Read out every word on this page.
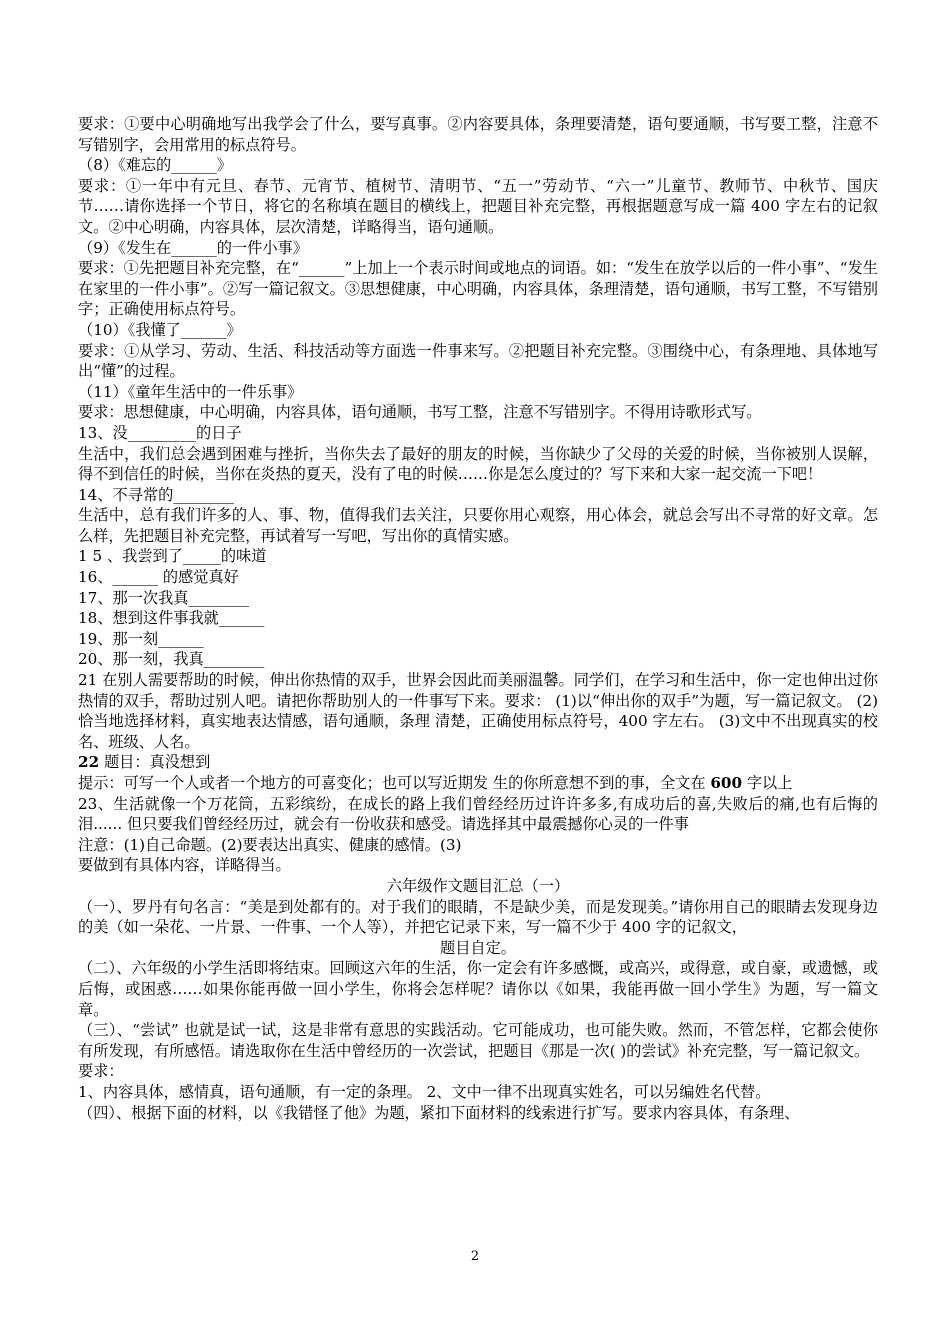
要求：①要中心明确地写出我学会了什么，要写真事。②内容要具体，条理要清楚，语句要通顺，书写要工整，注意不写错别字，会用常用的标点符号。

（8）《难忘的______》

要求：①一年中有元旦、春节、元宵节、植树节、清明节、“五一”劳动节、“六一”儿童节、教师节、中秋节、国庆节……请你选择一个节日，将它的名称填在题目的横线上，把题目补充完整，再根据题意写成一篇 400 字左右的记叙文。②中心明确，内容具体，层次清楚，详略得当，语句通顺。

（9）《发生在______的一件小事》

要求：①先把题目补充完整，在“______”上加上一个表示时间或地点的词语。如：“发生在放学以后的一件小事”、“发生在家里的一件小事”。②写一篇记叙文。③思想健康，中心明确，内容具体，条理清楚，语句通顺，书写工整，不写错别字；正确使用标点符号。

（10）《我懂了______》

要求：①从学习、劳动、生活、科技活动等方面选一件事来写。②把题目补充完整。③围绕中心，有条理地、具体地写出“懂”的过程。

（11）《童年生活中的一件乐事》

要求：思想健康，中心明确，内容具体，语句通顺，书写工整，注意不写错别字。不得用诗歌形式写。

13、没_________的日子

生活中，我们总会遇到困难与挫折，当你失去了最好的朋友的时候，当你缺少了父母的关爱的时候，当你被别人误解，得不到信任的时候，当你在炎热的夏天，没有了电的时候……你是怎么度过的？写下来和大家一起交流一下吧！

14、不寻常的________

生活中，总有我们许多的人、事、物，值得我们去关注，只要你用心观察，用心体会，就总会写出不寻常的好文章。怎么样，先把题目补充完整，再试着写一写吧，写出你的真情实感。

1 5 、我尝到了_____的味道

16、______ 的感觉真好

17、那一次我真________

18、想到这件事我就______

19、那一刻______

20、那一刻，我真________

21 在别人需要帮助的时候，伸出你热情的双手，世界会因此而美丽温馨。同学们，在学习和生活中，你一定也伸出过你热情的双手，帮助过别人吧。请把你帮助别人的一件事写下来。要求： (1)以“伸出你的双手”为题，写一篇记叙文。 (2)恰当地选择材料，真实地表达情感，语句通顺，条理 清楚，正确使用标点符号，400 字左右。 (3)文中不出现真实的校名、班级、人名。

22 题目：真没想到

提示：可写一个人或者一个地方的可喜变化；也可以写近期发 生的你所意想不到的事，全文在 600 字以上

23、生活就像一个万花筒，五彩缤纷，在成长的路上我们曾经经历过许许多多,有成功后的喜,失败后的痛,也有后悔的泪...... 但只要我们曾经经历过，就会有一份收获和感受。请选择其中最震撼你心灵的一件事

注意：(1)自己命题。(2)要表达出真实、健康的感情。(3)

要做到有具体内容，详略得当。

六年级作文题目汇总（一）

（一）、罗丹有句名言：“美是到处都有的。对于我们的眼睛，不是缺少美，而是发现美。”请你用自己的眼睛去发现身边的美（如一朵花、一片景、一件事、一个人等），并把它记录下来，写一篇不少于 400 字的记叙文，

题目自定。

（二）、六年级的小学生活即将结束。回顾这六年的生活，你一定会有许多感慨，或高兴，或得意，或自豪，或遗憾，或后悔，或困惑……如果你能再做一回小学生，你将会怎样呢？请你以《如果，我能再做一回小学生》为题，写一篇文章。

（三）、“尝试” 也就是试一试，这是非常有意思的实践活动。它可能成功，也可能失败。然而，不管怎样，它都会使你有所发现，有所感悟。请选取你在生活中曾经历的一次尝试，把题目《那是一次( )的尝试》补充完整，写一篇记叙文。

要求：

1、内容具体，感情真，语句通顺，有一定的条理。 2、文中一律不出现真实姓名，可以另编姓名代替。

（四）、根据下面的材料，以《我错怪了他》为题，紧扣下面材料的线索进行扩写。要求内容具体，有条理、

2
